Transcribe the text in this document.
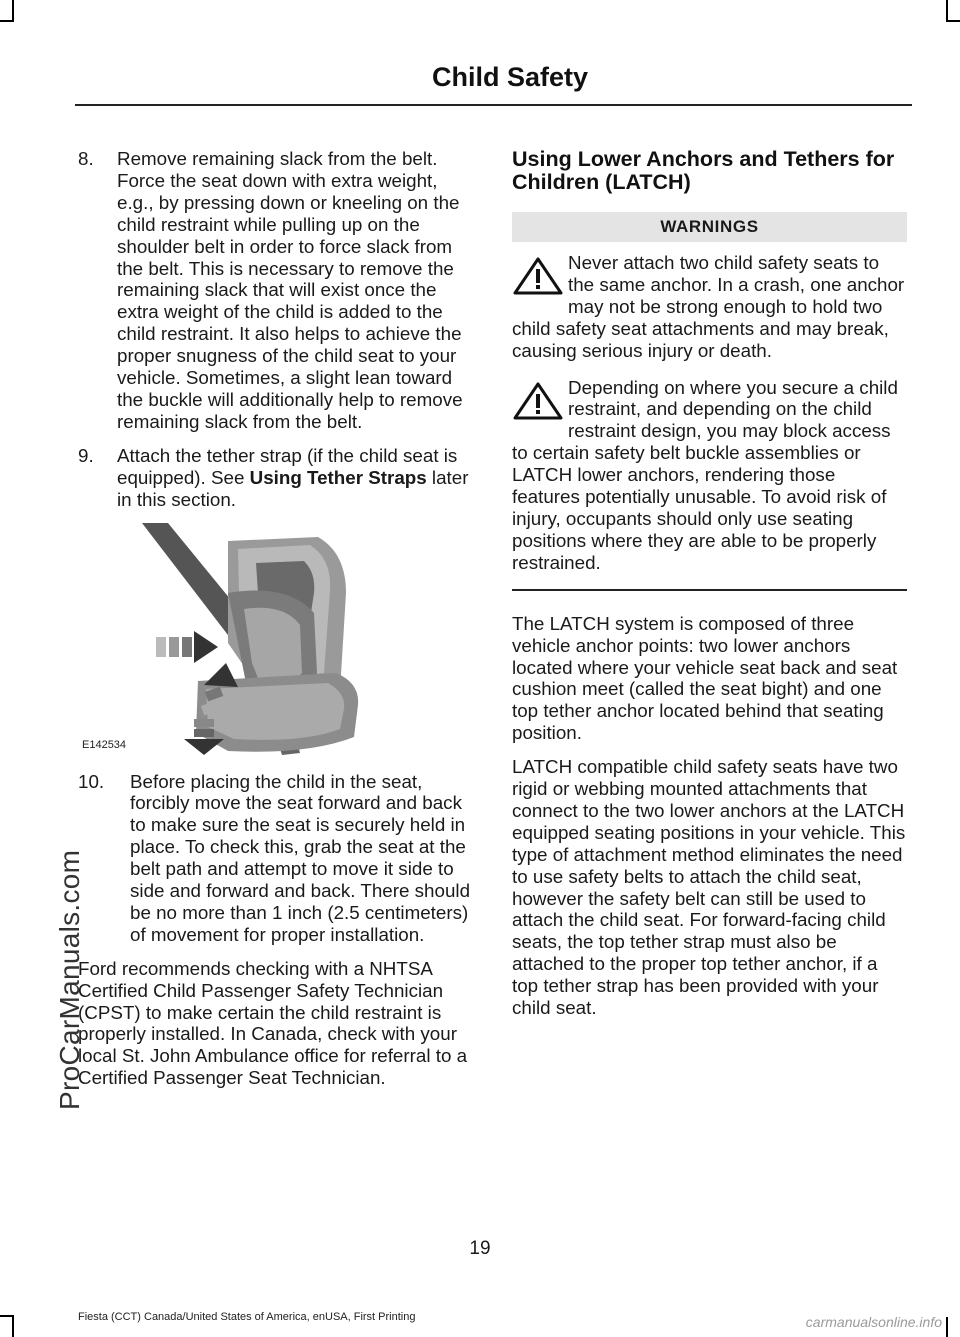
Child Safety
ProCarManuals.com
8. Remove remaining slack from the belt. Force the seat down with extra weight, e.g., by pressing down or kneeling on the child restraint while pulling up on the shoulder belt in order to force slack from the belt. This is necessary to remove the remaining slack that will exist once the extra weight of the child is added to the child restraint. It also helps to achieve the proper snugness of the child seat to your vehicle. Sometimes, a slight lean toward the buckle will additionally help to remove remaining slack from the belt.
9. Attach the tether strap (if the child seat is equipped). See Using Tether Straps later in this section.
E142534
10. Before placing the child in the seat, forcibly move the seat forward and back to make sure the seat is securely held in place. To check this, grab the seat at the belt path and attempt to move it side to side and forward and back. There should be no more than 1 inch (2.5 centimeters) of movement for proper installation.

Ford recommends checking with a NHTSA Certified Child Passenger Safety Technician (CPST) to make certain the child restraint is properly installed. In Canada, check with your local St. John Ambulance office for referral to a Certified Passenger Seat Technician.

Using Lower Anchors and Tethers for Children (LATCH)
WARNINGS
Never attach two child safety seats to the same anchor. In a crash, one anchor may not be strong enough to hold two child safety seat attachments and may break, causing serious injury or death.
Depending on where you secure a child restraint, and depending on the child restraint design, you may block access to certain safety belt buckle assemblies or LATCH lower anchors, rendering those features potentially unusable. To avoid risk of injury, occupants should only use seating positions where they are able to be properly restrained.

The LATCH system is composed of three vehicle anchor points: two lower anchors located where your vehicle seat back and seat cushion meet (called the seat bight) and one top tether anchor located behind that seating position.

LATCH compatible child safety seats have two rigid or webbing mounted attachments that connect to the two lower anchors at the LATCH equipped seating positions in your vehicle. This type of attachment method eliminates the need to use safety belts to attach the child seat, however the safety belt can still be used to attach the child seat. For forward-facing child seats, the top tether strap must also be attached to the proper top tether anchor, if a top tether strap has been provided with your child seat.

19
Fiesta (CCT) Canada/United States of America, enUSA, First Printing	carmanualsonline.info
